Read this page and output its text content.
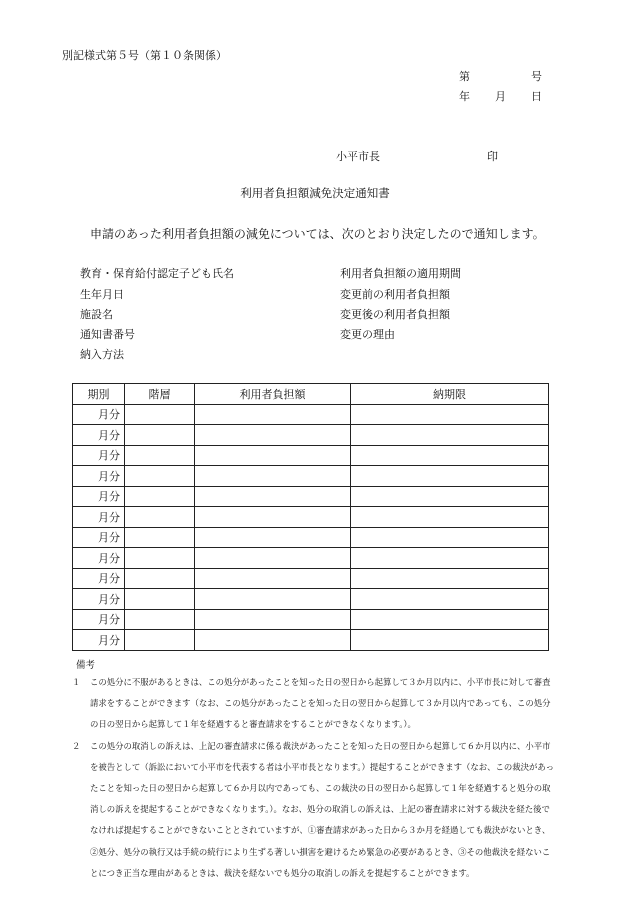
別記様式第５号（第１０条関係）
第	号
年 月 日
小平市長	印
利用者負担額減免決定通知書
申請のあった利用者負担額の減免については、次のとおり決定したので通知します。
教育・保育給付認定子ども氏名
生年月日
施設名
通知書番号
納入方法
利用者負担額の適用期間
変更前の利用者負担額
変更後の利用者負担額
変更の理由
期別	階層	利用者負担額	納期限
月分			
月分			
月分			
月分			
月分			
月分			
月分			
月分			
月分			
月分			
月分			
月分			
備考
１ この処分に不服があるときは、この処分があったことを知った日の翌日から起算して３か月以内に、小平市長に対して審査請求をすることができます（なお、この処分があったことを知った日の翌日から起算して３か月以内であっても、この処分の日の翌日から起算して１年を経過すると審査請求をすることができなくなります。）。

２ この処分の取消しの訴えは、上記の審査請求に係る裁決があったことを知った日の翌日から起算して６か月以内に、小平市を被告として（訴訟において小平市を代表する者は小平市長となります。）提起することができます（なお、この裁決があったことを知った日の翌日から起算して６か月以内であっても、この裁決の日の翌日から起算して１年を経過すると処分の取消しの訴えを提起することができなくなります。）。なお、処分の取消しの訴えは、上記の審査請求に対する裁決を経た後でなければ提起することができないこととされていますが、①審査請求があった日から３か月を経過しても裁決がないとき、②処分、処分の執行又は手続の続行により生ずる著しい損害を避けるため緊急の必要があるとき、③その他裁決を経ないことにつき正当な理由があるときは、裁決を経ないでも処分の取消しの訴えを提起することができます。
